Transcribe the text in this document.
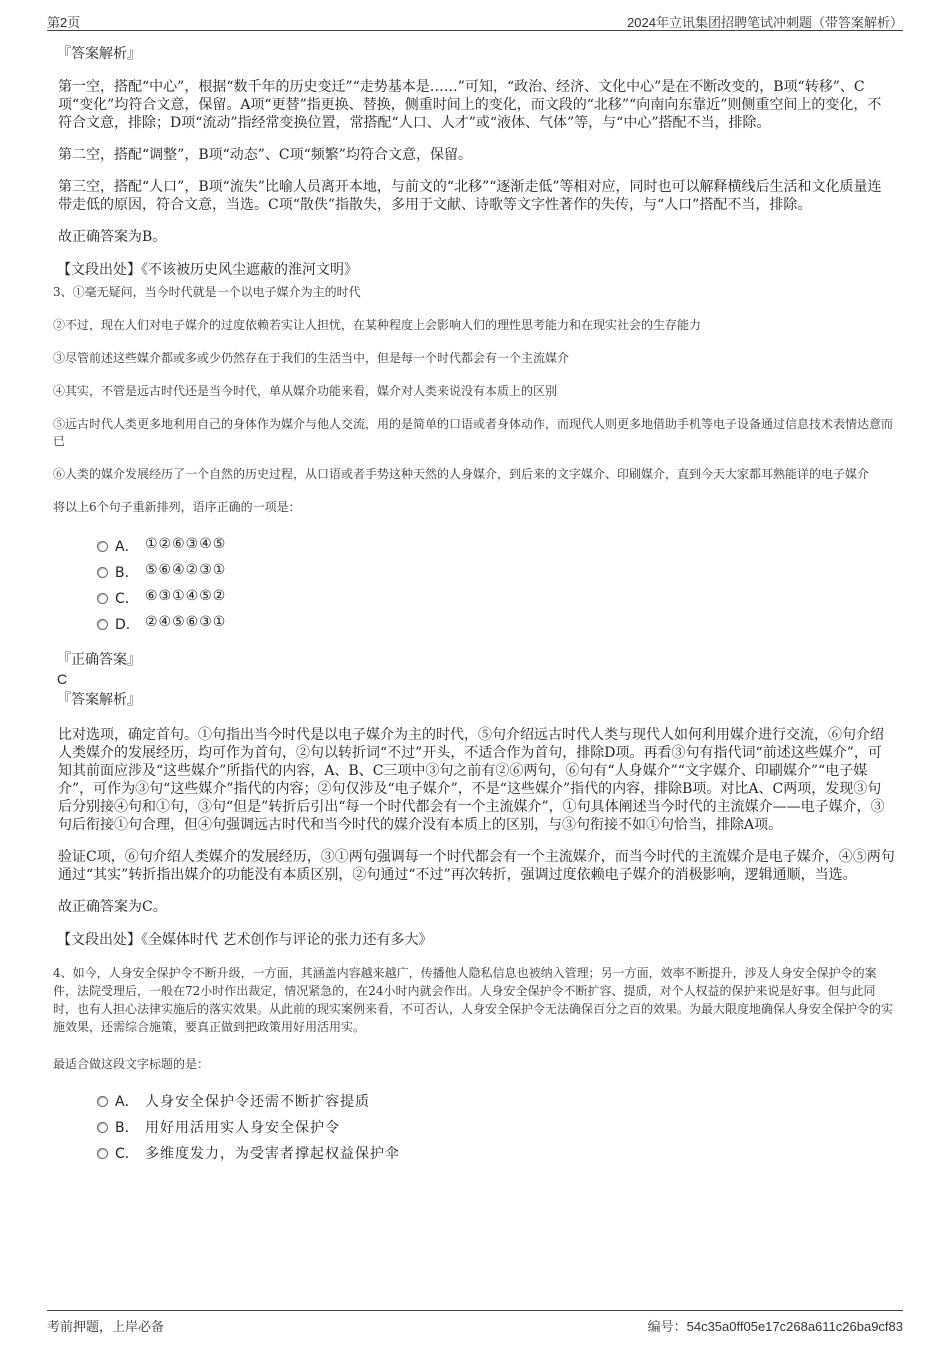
第2页	2024年立讯集团招聘笔试冲刺题（带答案解析）
『答案解析』

第一空，搭配“中心”，根据“数千年的历史变迁”“走势基本是……”可知，“政治、经济、文化中心”是在不断改变的，B项“转移”、C项“变化”均符合文意，保留。A项“更替”指更换、替换，侧重时间上的变化，而文段的“北移”“向南向东靠近”则侧重空间上的变化，不符合文意，排除；D项“流动”指经常变换位置，常搭配“人口、人才”或“液体、气体”等，与“中心”搭配不当，排除。

第二空，搭配“调整”，B项“动态”、C项“频繁”均符合文意，保留。

第三空，搭配“人口”，B项“流失”比喻人员离开本地，与前文的“北移”“逐渐走低”等相对应，同时也可以解释横线后生活和文化质量连带走低的原因，符合文意，当选。C项“散佚”指散失，多用于文献、诗歌等文字性著作的失传，与“人口”搭配不当，排除。

故正确答案为B。

【文段出处】《不该被历史风尘遮蔽的淮河文明》

3、①毫无疑问，当今时代就是一个以电子媒介为主的时代

②不过，现在人们对电子媒介的过度依赖若实让人担忧，在某种程度上会影响人们的理性思考能力和在现实社会的生存能力

③尽管前述这些媒介都或多或少仍然存在于我们的生活当中，但是每一个时代都会有一个主流媒介

④其实，不管是远古时代还是当今时代，单从媒介功能来看，媒介对人类来说没有本质上的区别

⑤远古时代人类更多地利用自己的身体作为媒介与他人交流，用的是简单的口语或者身体动作，而现代人则更多地借助手机等电子设备通过信息技术表情达意而已

⑥人类的媒介发展经历了一个自然的历史过程，从口语或者手势这种天然的人身媒介，到后来的文字媒介、印刷媒介，直到今天大家都耳熟能详的电子媒介

将以上6个句子重新排列，语序正确的一项是：

A． ①②⑥③④⑤
B． ⑤⑥④②③①
C． ⑥③①④⑤②
D． ②④⑤⑥③①
『正确答案』
C
『答案解析』

比对选项，确定首句。①句指出当今时代是以电子媒介为主的时代，⑤句介绍远古时代人类与现代人如何利用媒介进行交流，⑥句介绍人类媒介的发展经历，均可作为首句，②句以转折词“不过”开头，不适合作为首句，排除D项。再看③句有指代词“前述这些媒介”，可知其前面应涉及“这些媒介”所指代的内容，A、B、C三项中③句之前有②⑥两句，⑥句有“人身媒介”“文字媒介、印刷媒介”“电子媒介”，可作为③句“这些媒介”指代的内容；②句仅涉及“电子媒介”，不是“这些媒介”指代的内容，排除B项。对比A、C两项，发现③句后分别接④句和①句，③句“但是”转折后引出“每一个时代都会有一个主流媒介”，①句具体阐述当今时代的主流媒介——电子媒介，③句后衔接①句合理，但④句强调远古时代和当今时代的媒介没有本质上的区别，与③句衔接不如①句恰当，排除A项。

验证C项，⑥句介绍人类媒介的发展经历，③①两句强调每一个时代都会有一个主流媒介，而当今时代的主流媒介是电子媒介，④⑤两句通过“其实”转折指出媒介的功能没有本质区别，②句通过“不过”再次转折，强调过度依赖电子媒介的消极影响，逻辑通顺，当选。

故正确答案为C。

【文段出处】《全媒体时代 艺术创作与评论的张力还有多大》

4、如今，人身安全保护令不断升级，一方面，其涵盖内容越来越广，传播他人隐私信息也被纳入管理；另一方面，效率不断提升，涉及人身安全保护令的案件，法院受理后，一般在72小时作出裁定，情况紧急的，在24小时内就会作出。人身安全保护令不断扩容、提质，对个人权益的保护来说是好事。但与此同时，也有人担心法律实施后的落实效果。从此前的现实案例来看，不可否认，人身安全保护令无法确保百分之百的效果。为最大限度地确保人身安全保护令的实施效果，还需综合施策，要真正做到把政策用好用活用实。

最适合做这段文字标题的是：

A． 人身安全保护令还需不断扩容提质
B． 用好用活用实人身安全保护令
C． 多维度发力，为受害者撑起权益保护伞
考前押题，上岸必备	编号：54c35a0ff05e17c268a611c26ba9cf83
